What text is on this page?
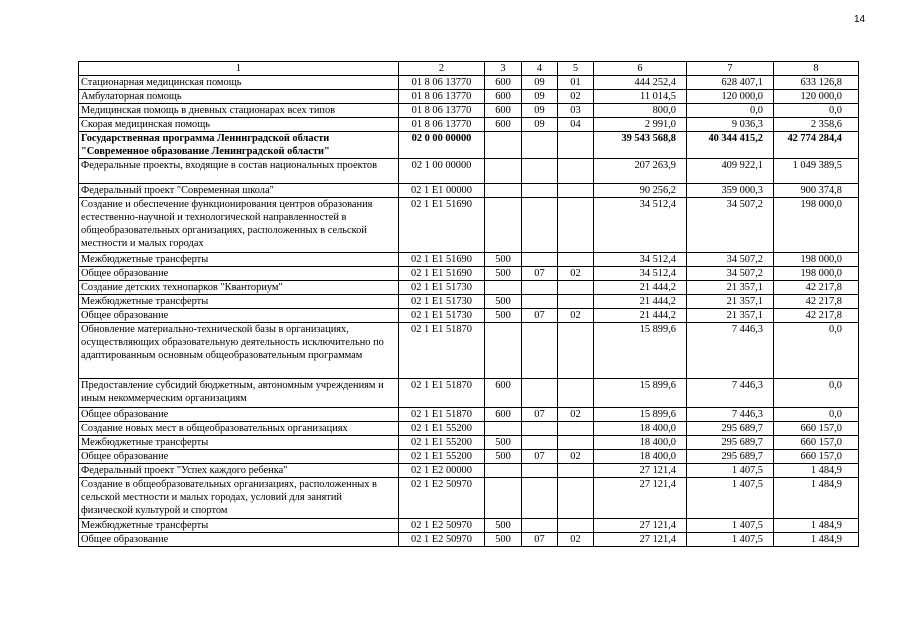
14
1	2	3	4	5	6	7	8
Стационарная медицинская помощь	01 8 06 13770	600	09	01	444 252,4	628 407,1	633 126,8
Амбулаторная помощь	01 8 06 13770	600	09	02	11 014,5	120 000,0	120 000,0
Медицинская помощь в дневных стационарах всех типов	01 8 06 13770	600	09	03	800,0	0,0	0,0
Скорая медицинская помощь	01 8 06 13770	600	09	04	2 991,0	9 036,3	2 358,6
Государственная программа Ленинградской области "Современное образование Ленинградской области"	02 0 00 00000				39 543 568,8	40 344 415,2	42 774 284,4
Федеральные проекты, входящие в состав национальных проектов	02 1 00 00000				207 263,9	409 922,1	1 049 389,5
Федеральный проект "Современная школа"	02 1 E1 00000				90 256,2	359 000,3	900 374,8
Создание и обеспечение функционирования центров образования естественно-научной и технологической направленностей в общеобразовательных организациях, расположенных в сельской местности и малых городах	02 1 E1 51690				34 512,4	34 507,2	198 000,0
Межбюджетные трансферты	02 1 E1 51690	500			34 512,4	34 507,2	198 000,0
Общее образование	02 1 E1 51690	500	07	02	34 512,4	34 507,2	198 000,0
Создание детских технопарков "Кванториум"	02 1 E1 51730				21 444,2	21 357,1	42 217,8
Межбюджетные трансферты	02 1 E1 51730	500			21 444,2	21 357,1	42 217,8
Общее образование	02 1 E1 51730	500	07	02	21 444,2	21 357,1	42 217,8
Обновление материально-технической базы в организациях, осуществляющих образовательную деятельность исключительно по адаптированным основным общеобразовательным программам	02 1 E1 51870				15 899,6	7 446,3	0,0
Предоставление субсидий бюджетным, автономным учреждениям и иным некоммерческим организациям	02 1 E1 51870	600			15 899,6	7 446,3	0,0
Общее образование	02 1 E1 51870	600	07	02	15 899,6	7 446,3	0,0
Создание новых мест в общеобразовательных организациях	02 1 E1 55200				18 400,0	295 689,7	660 157,0
Межбюджетные трансферты	02 1 E1 55200	500			18 400,0	295 689,7	660 157,0
Общее образование	02 1 E1 55200	500	07	02	18 400,0	295 689,7	660 157,0
Федеральный проект "Успех каждого ребенка"	02 1 E2 00000				27 121,4	1 407,5	1 484,9
Создание в общеобразовательных организациях, расположенных в сельской местности и малых городах, условий для занятий физической культурой и спортом	02 1 E2 50970				27 121,4	1 407,5	1 484,9
Межбюджетные трансферты	02 1 E2 50970	500			27 121,4	1 407,5	1 484,9
Общее образование	02 1 E2 50970	500	07	02	27 121,4	1 407,5	1 484,9
